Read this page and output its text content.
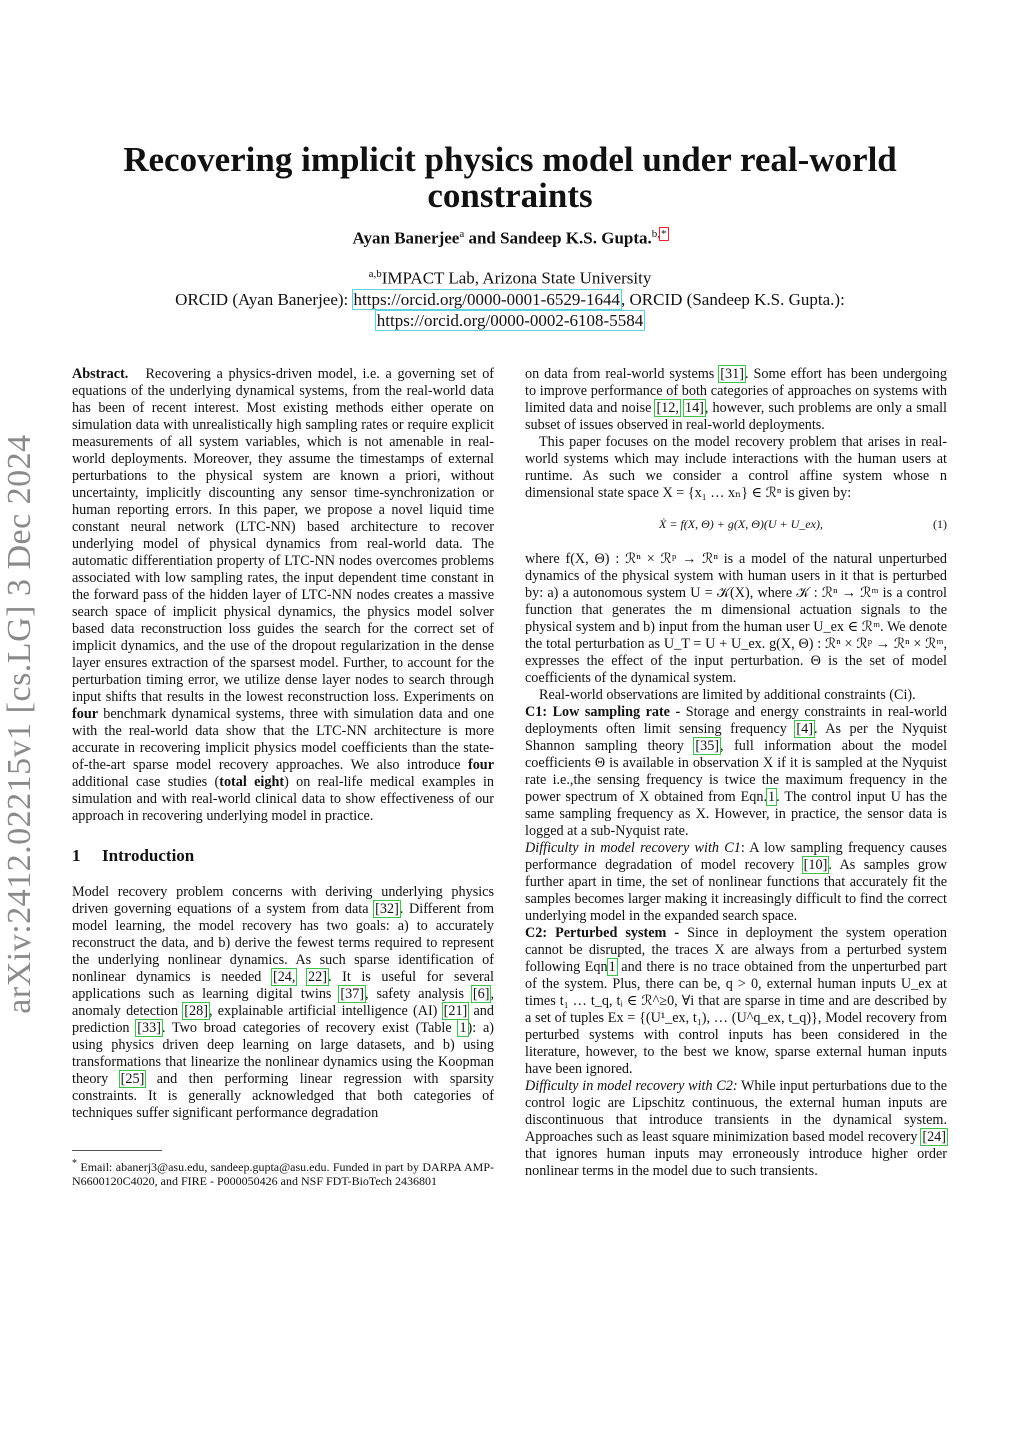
arXiv:2412.02215v1 [cs.LG] 3 Dec 2024
Recovering implicit physics model under real-world constraints
Ayan Banerjee$^a$ and Sandeep K.S. Gupta.$^{b,*}$
$^{a,b}$IMPACT Lab, Arizona State University
ORCID (Ayan Banerjee): https://orcid.org/0000-0001-6529-1644, ORCID (Sandeep K.S. Gupta.):
https://orcid.org/0000-0002-6108-5584

Abstract. Recovering a physics-driven model, i.e. a governing set of equations of the underlying dynamical systems, from the real-world data has been of recent interest. Most existing methods either operate on simulation data with unrealistically high sampling rates or require explicit measurements of all system variables, which is not amenable in real-world deployments. Moreover, they assume the timestamps of external perturbations to the physical system are known a priori, without uncertainty, implicitly discounting any sensor time-synchronization or human reporting errors. In this paper, we propose a novel liquid time constant neural network (LTC-NN) based architecture to recover underlying model of physical dynamics from real-world data. The automatic differentiation property of LTC-NN nodes overcomes problems associated with low sampling rates, the input dependent time constant in the forward pass of the hidden layer of LTC-NN nodes creates a massive search space of implicit physical dynamics, the physics model solver based data reconstruction loss guides the search for the correct set of implicit dynamics, and the use of the dropout regularization in the dense layer ensures extraction of the sparsest model. Further, to account for the perturbation timing error, we utilize dense layer nodes to search through input shifts that results in the lowest reconstruction loss. Experiments on four benchmark dynamical systems, three with simulation data and one with the real-world data show that the LTC-NN architecture is more accurate in recovering implicit physics model coefficients than the state-of-the-art sparse model recovery approaches. We also introduce four additional case studies (total eight) on real-life medical examples in simulation and with real-world clinical data to show effectiveness of our approach in recovering underlying model in practice.

1 Introduction

Model recovery problem concerns with deriving underlying physics driven governing equations of a system from data [32]. Different from model learning, the model recovery has two goals: a) to accurately reconstruct the data, and b) derive the fewest terms required to represent the underlying nonlinear dynamics. As such sparse identification of nonlinear dynamics is needed [24, 22]. It is useful for several applications such as learning digital twins [37], safety analysis [6], anomaly detection [28], explainable artificial intelligence (AI) [21] and prediction [33]. Two broad categories of recovery exist (Table 1): a) using physics driven deep learning on large datasets, and b) using transformations that linearize the nonlinear dynamics using the Koopman theory [25] and then performing linear regression with sparsity constraints. It is generally acknowledged that both categories of techniques suffer significant performance degradation

* Email: abanerj3@asu.edu, sandeep.gupta@asu.edu. Funded in part by DARPA AMP-N6600120C4020, and FIRE - P000050426 and NSF FDT-BioTech 2436801

on data from real-world systems [31]. Some effort has been undergoing to improve performance of both categories of approaches on systems with limited data and noise [12, 14], however, such problems are only a small subset of issues observed in real-world deployments.

This paper focuses on the model recovery problem that arises in real-world systems which may include interactions with the human users at runtime. As such we consider a control affine system whose n dimensional state space X = {x₁ … xₙ} ∈ ℛⁿ is given by:

Ẋ = f(X, Θ) + g(X, Θ)(U + U_ex),	(1)

where f(X, Θ) : ℛⁿ × ℛᵖ → ℛⁿ is a model of the natural unperturbed dynamics of the physical system with human users in it that is perturbed by: a) a autonomous system U = 𝒦(X), where 𝒦 : ℛⁿ → ℛᵐ is a control function that generates the m dimensional actuation signals to the physical system and b) input from the human user U_ex ∈ ℛᵐ. We denote the total perturbation as U_T = U + U_ex. g(X, Θ) : ℛⁿ × ℛᵖ → ℛⁿ × ℛᵐ, expresses the effect of the input perturbation. Θ is the set of model coefficients of the dynamical system.

Real-world observations are limited by additional constraints (Ci).

C1: Low sampling rate - Storage and energy constraints in real-world deployments often limit sensing frequency [4]. As per the Nyquist Shannon sampling theory [35], full information about the model coefficients Θ is available in observation X if it is sampled at the Nyquist rate i.e.,the sensing frequency is twice the maximum frequency in the power spectrum of X obtained from Eqn.1. The control input U has the same sampling frequency as X. However, in practice, the sensor data is logged at a sub-Nyquist rate.

Difficulty in model recovery with C1: A low sampling frequency causes performance degradation of model recovery [10]. As samples grow further apart in time, the set of nonlinear functions that accurately fit the samples becomes larger making it increasingly difficult to find the correct underlying model in the expanded search space.

C2: Perturbed system - Since in deployment the system operation cannot be disrupted, the traces X are always from a perturbed system following Eqn1 and there is no trace obtained from the unperturbed part of the system. Plus, there can be, q > 0, external human inputs U_ex at times t₁ … t_q, tᵢ ∈ ℛ^≥0, ∀i that are sparse in time and are described by a set of tuples Ex = {(U¹_ex, t₁), … (U^q_ex, t_q)}, Model recovery from perturbed systems with control inputs has been considered in the literature, however, to the best we know, sparse external human inputs have been ignored.

Difficulty in model recovery with C2: While input perturbations due to the control logic are Lipschitz continuous, the external human inputs are discontinuous that introduce transients in the dynamical system. Approaches such as least square minimization based model recovery [24] that ignores human inputs may erroneously introduce higher order nonlinear terms in the model due to such transients.
